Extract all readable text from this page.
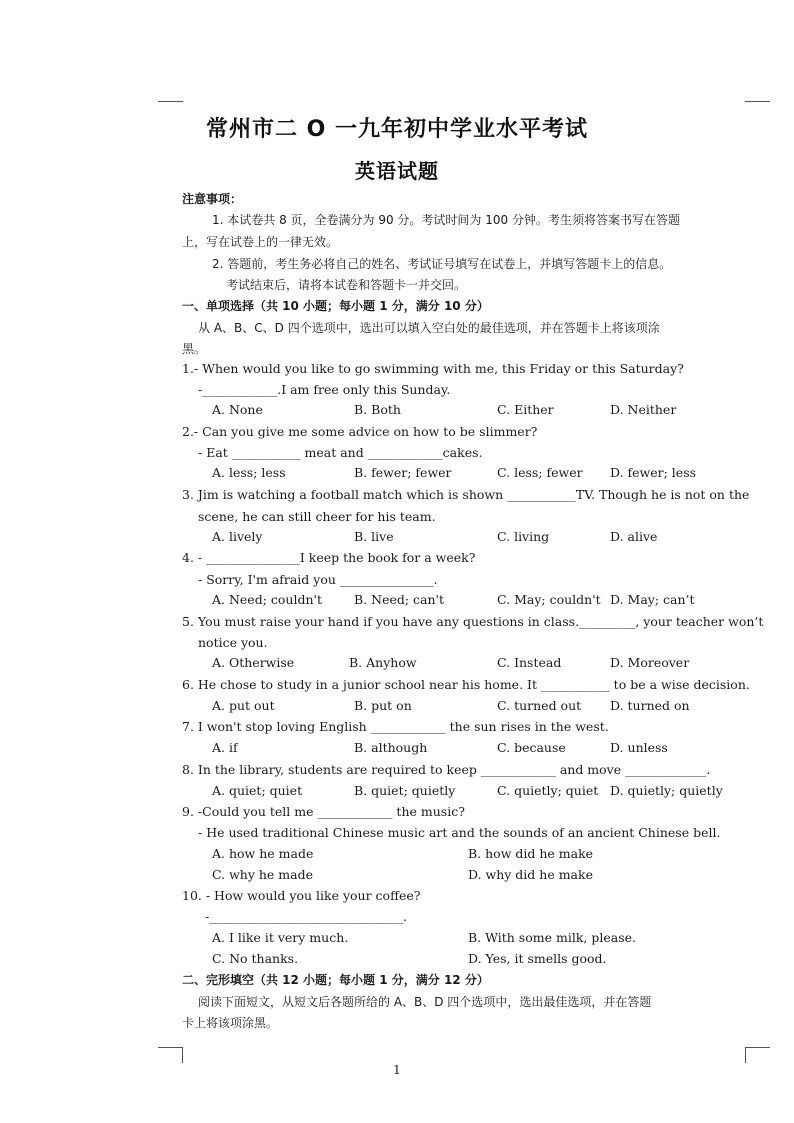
常州市二 O 一九年初中学业水平考试
英语试题
注意事项：
1. 本试卷共 8 页，全卷满分为 90 分。考试时间为 100 分钟。考生须将答案书写在答题
上，写在试卷上的一律无效。
2. 答题前，考生务必将自己的姓名、考试证号填写在试卷上，并填写答题卡上的信息。
考试结束后，请将本试卷和答题卡一并交回。
一、单项选择（共 10 小题；每小题 1 分，满分 10 分）
从 A、B、C、D 四个选项中，选出可以填入空白处的最佳选项，并在答题卡上将该项涂
黑。
1.- When would you like to go swimming with me, this Friday or this Saturday?
-____________.I am free only this Sunday.
A. None	B. Both	C. Either	D. Neither
2.- Can you give me some advice on how to be slimmer?
- Eat ___________ meat and ____________cakes.
A. less; less	B. fewer; fewer	C. less; fewer D. fewer; less
3. Jim is watching a football match which is shown ___________TV. Though he is not on the
scene, he can still cheer for his team.
A. lively	B. live	C. living	D. alive
4. - _______________I keep the book for a week?
- Sorry, I'm afraid you _______________.
A. Need; couldn't	B. Need; can't	C. May; couldn't D. May; can’t
5. You must raise your hand if you have any questions in class._________, your teacher won’t
notice you.
A. Otherwise	B. Anyhow	C. Instead	D. Moreover
6. He chose to study in a junior school near his home. It ___________ to be a wise decision.
A. put out	B. put on	C. turned out D. turned on
7. I won't stop loving English ____________ the sun rises in the west.
A. if	B. although	C. because	D. unless
8. In the library, students are required to keep ____________ and move _____________.
A. quiet; quiet	B. quiet; quietly	C. quietly; quiet D. quietly; quietly
9. -Could you tell me ____________ the music?
- He used traditional Chinese music art and the sounds of an ancient Chinese bell.
A. how he made	B. how did he make
C. why he made	D. why did he make
10. - How would you like your coffee?
-_______________________________.
A. I like it very much.	B. With some milk, please.
C. No thanks.	D. Yes, it smells good.
二、完形填空（共 12 小题；每小题 1 分，满分 12 分）
阅读下面短文，从短文后各题所给的 A、B、D 四个选项中，选出最佳选项，并在答题
卡上将该项涂黑。
1
